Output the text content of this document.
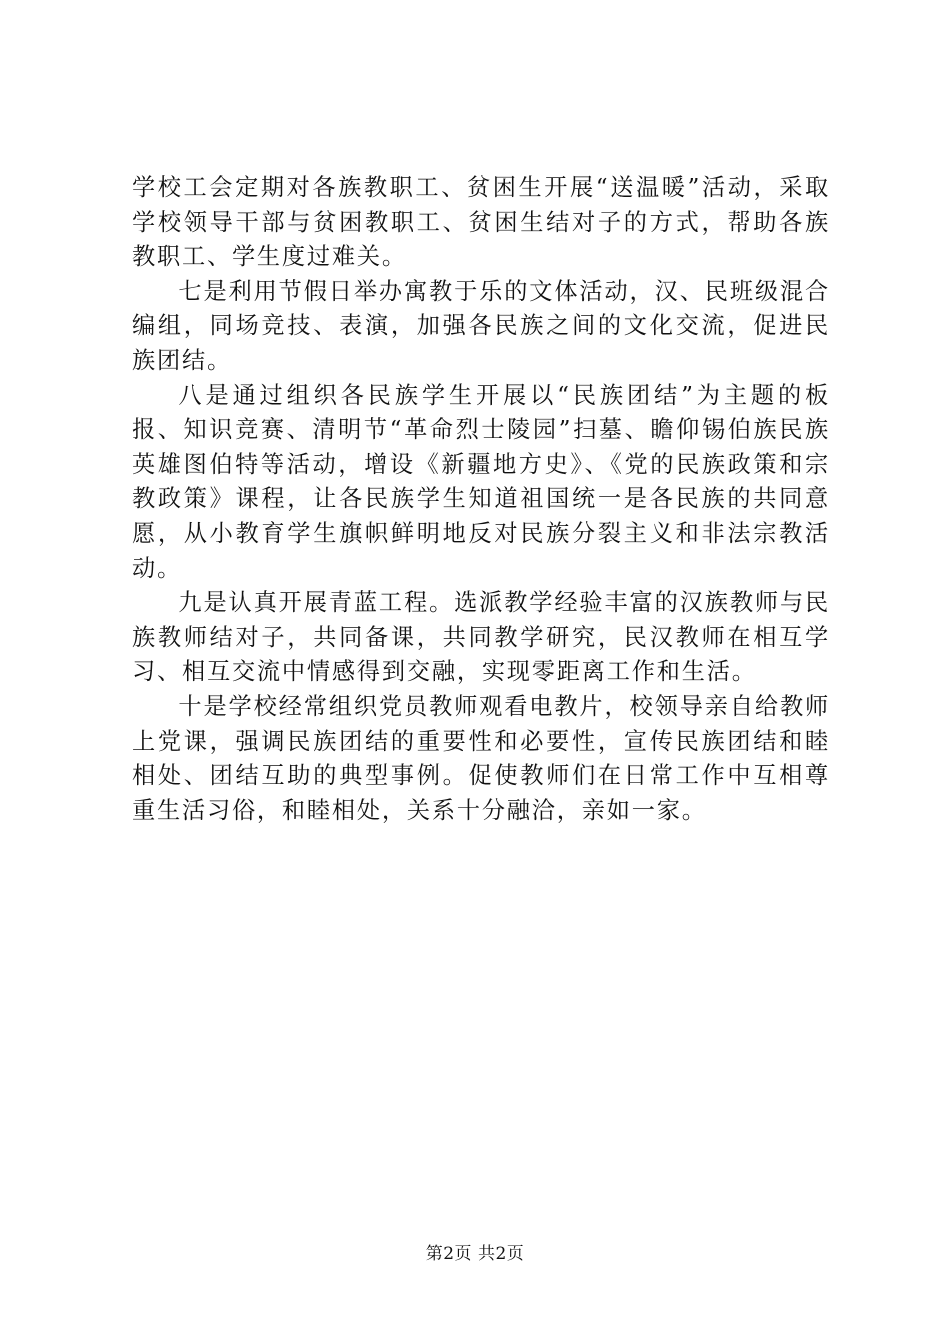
学校工会定期对各族教职工、贫困生开展“送温暖”活动，采取学校领导干部与贫困教职工、贫困生结对子的方式，帮助各族教职工、学生度过难关。

七是利用节假日举办寓教于乐的文体活动，汉、民班级混合编组，同场竞技、表演，加强各民族之间的文化交流，促进民族团结。

八是通过组织各民族学生开展以“民族团结”为主题的板报、知识竞赛、清明节“革命烈士陵园”扫墓、瞻仰锡伯族民族英雄图伯特等活动，增设《新疆地方史》、《党的民族政策和宗教政策》课程，让各民族学生知道祖国统一是各民族的共同意愿，从小教育学生旗帜鲜明地反对民族分裂主义和非法宗教活动。

九是认真开展青蓝工程。选派教学经验丰富的汉族教师与民族教师结对子，共同备课，共同教学研究，民汉教师在相互学习、相互交流中情感得到交融，实现零距离工作和生活。

十是学校经常组织党员教师观看电教片，校领导亲自给教师上党课，强调民族团结的重要性和必要性，宣传民族团结和睦相处、团结互助的典型事例。促使教师们在日常工作中互相尊重生活习俗，和睦相处，关系十分融洽，亲如一家。

第2页 共2页
